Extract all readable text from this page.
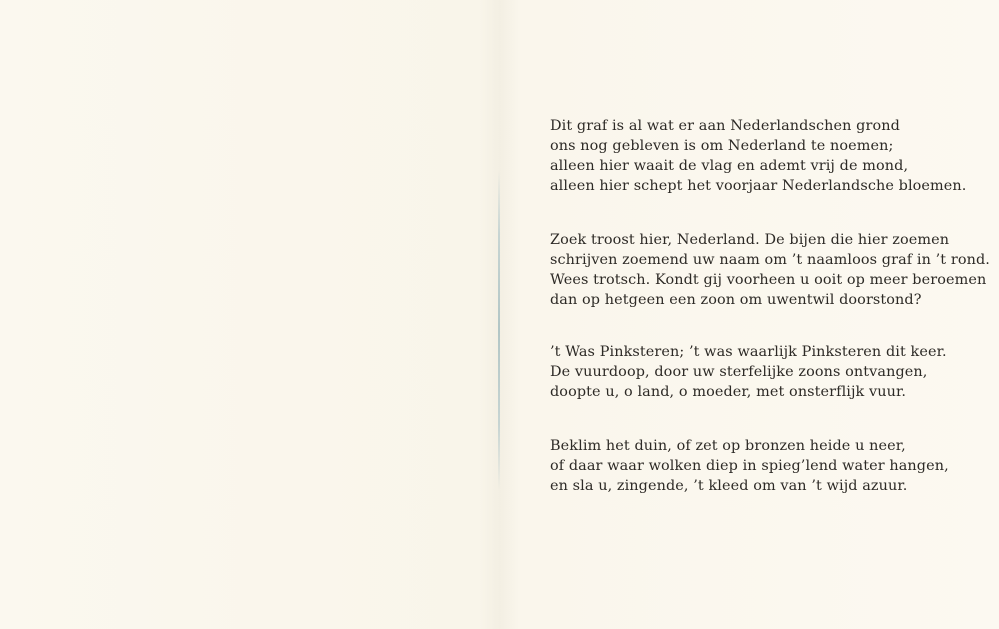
Dit graf is al wat er aan Nederlandschen grond
ons nog gebleven is om Nederland te noemen;
alleen hier waait de vlag en ademt vrij de mond,
alleen hier schept het voorjaar Nederlandsche bloemen.
Zoek troost hier, Nederland. De bijen die hier zoemen
schrijven zoemend uw naam om ’t naamloos graf in ’t rond.
Wees trotsch. Kondt gij voorheen u ooit op meer beroemen
dan op hetgeen een zoon om uwentwil doorstond?
’t Was Pinksteren; ’t was waarlijk Pinksteren dit keer.
De vuurdoop, door uw sterfelijke zoons ontvangen,
doopte u, o land, o moeder, met onsterflijk vuur.
Beklim het duin, of zet op bronzen heide u neer,
of daar waar wolken diep in spieg’lend water hangen,
en sla u, zingende, ’t kleed om van ’t wijd azuur.
